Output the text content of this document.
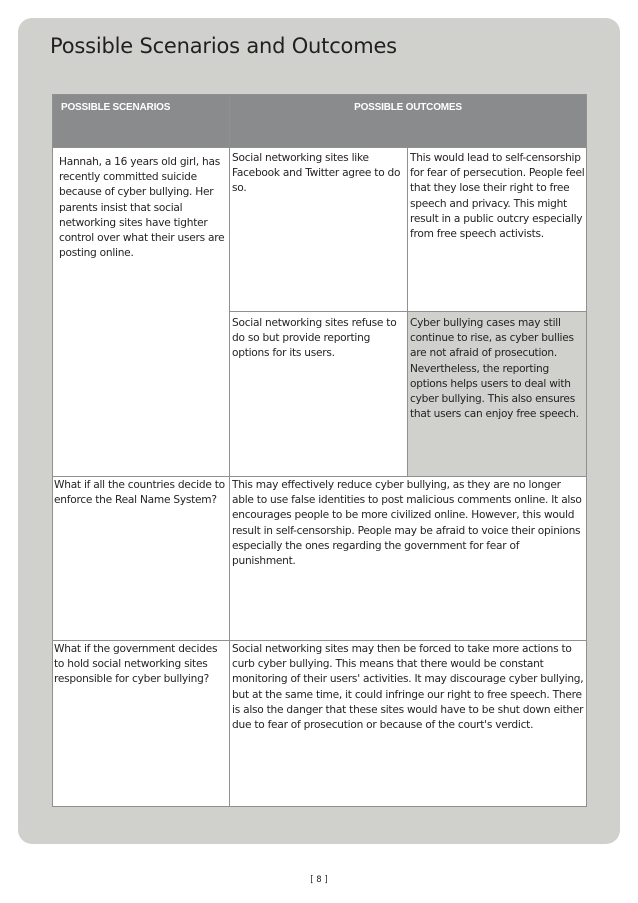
Possible Scenarios and Outcomes
POSSIBLE SCENARIOS	POSSIBLE OUTCOMES
Hannah, a 16 years old girl, has recently committed suicide because of cyber bullying. Her parents insist that social networking sites have tighter control over what their users are posting online.
Social networking sites like Facebook and Twitter agree to do so.
This would lead to self-censorship for fear of persecution. People feel that they lose their right to free speech and privacy. This might result in a public outcry especially from free speech activists.
Social networking sites refuse to do so but provide reporting options for its users.
Cyber bullying cases may still continue to rise, as cyber bullies are not afraid of prosecution. Nevertheless, the reporting options helps users to deal with cyber bullying. This also ensures that users can enjoy free speech.
What if all the countries decide to enforce the Real Name System?
This may effectively reduce cyber bullying, as they are no longer able to use false identities to post malicious comments online. It also encourages people to be more civilized online. However, this would result in self-censorship. People may be afraid to voice their opinions especially the ones regarding the government for fear of punishment.
What if the government decides to hold social networking sites responsible for cyber bullying?
Social networking sites may then be forced to take more actions to curb cyber bullying. This means that there would be constant monitoring of their users' activities. It may discourage cyber bullying, but at the same time, it could infringe our right to free speech. There is also the danger that these sites would have to be shut down either due to fear of prosecution or because of the court's verdict.
[ 8 ]
